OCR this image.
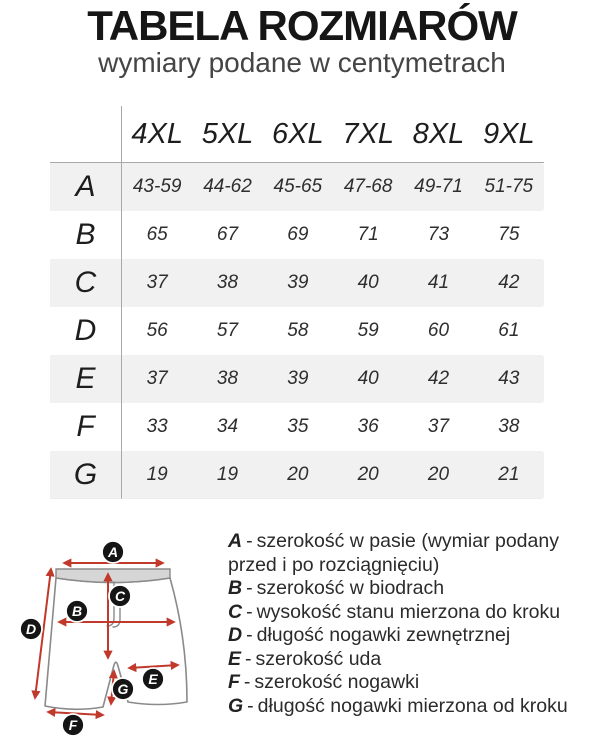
TABELA ROZMIARÓW
wymiary podane w centymetrach
	4XL	5XL	6XL	7XL	8XL	9XL
A	43-59	44-62	45-65	47-68	49-71	51-75
B	65	67	69	71	73	75
C	37	38	39	40	41	42
D	56	57	58	59	60	61
E	37	38	39	40	42	43
F	33	34	35	36	37	38
G	19	19	20	20	20	21
A
B
C
D
E
F
G
A - szerokość w pasie (wymiar podany przed i po rozciągnięciu)
B - szerokość w biodrach
C - wysokość stanu mierzona do kroku
D - długość nogawki zewnętrznej
E - szerokość uda
F - szerokość nogawki
G - długość nogawki mierzona od kroku
